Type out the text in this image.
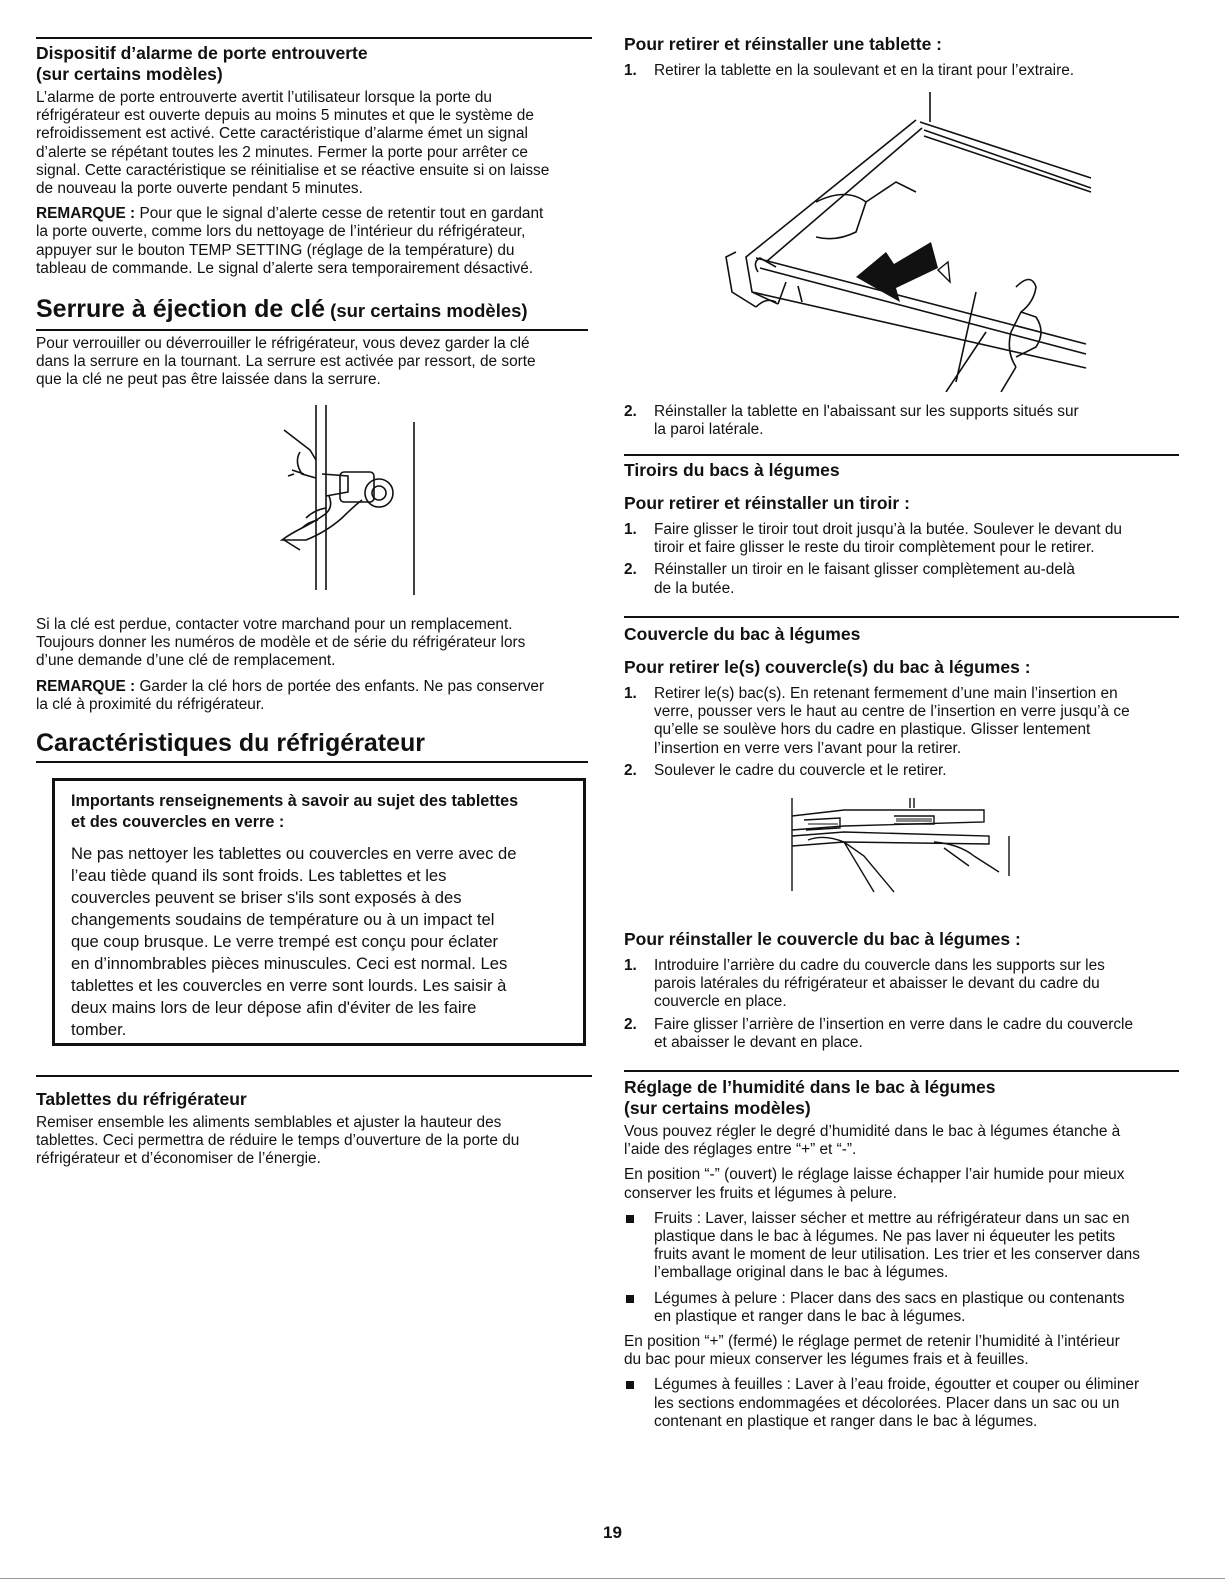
Dispositif d’alarme de porte entrouverte
(sur certains modèles)

L’alarme de porte entrouverte avertit l’utilisateur lorsque la porte du

réfrigérateur est ouverte depuis au moins 5 minutes et que le système de

refroidissement est activé. Cette caractéristique d’alarme émet un signal

d’alerte se répétant toutes les 2 minutes. Fermer la porte pour arrêter ce

signal. Cette caractéristique se réinitialise et se réactive ensuite si on laisse

de nouveau la porte ouverte pendant 5 minutes.

REMARQUE : Pour que le signal d’alerte cesse de retentir tout en gardant

la porte ouverte, comme lors du nettoyage de l’intérieur du réfrigérateur,

appuyer sur le bouton TEMP SETTING (réglage de la température) du

tableau de commande. Le signal d’alerte sera temporairement désactivé.

Serrure à éjection de clé (sur certains modèles)

Pour verrouiller ou déverrouiller le réfrigérateur, vous devez garder la clé

dans la serrure en la tournant. La serrure est activée par ressort, de sorte

que la clé ne peut pas être laissée dans la serrure.

Si la clé est perdue, contacter votre marchand pour un remplacement.

Toujours donner les numéros de modèle et de série du réfrigérateur lors

d’une demande d’une clé de remplacement.

REMARQUE : Garder la clé hors de portée des enfants. Ne pas conserver

la clé à proximité du réfrigérateur.

Caractéristiques du réfrigérateur

Importants renseignements à savoir au sujet des tablettes

et des couvercles en verre :

Ne pas nettoyer les tablettes ou couvercles en verre avec de

l’eau tiède quand ils sont froids. Les tablettes et les

couvercles peuvent se briser s'ils sont exposés à des

changements soudains de température ou à un impact tel

que coup brusque. Le verre trempé est conçu pour éclater

en d’innombrables pièces minuscules. Ceci est normal. Les

tablettes et les couvercles en verre sont lourds. Les saisir à

deux mains lors de leur dépose afin d'éviter de les faire

tomber.

Tablettes du réfrigérateur

Remiser ensemble les aliments semblables et ajuster la hauteur des

tablettes. Ceci permettra de réduire le temps d’ouverture de la porte du

réfrigérateur et d’économiser de l’énergie.

Pour retirer et réinstaller une tablette :
1. Retirer la tablette en la soulevant et en la tirant pour l’extraire.
2. Réinstaller la tablette en l'abaissant sur les supports situés sur
la paroi latérale.
Tiroirs du bacs à légumes
Pour retirer et réinstaller un tiroir :
1. Faire glisser le tiroir tout droit jusqu’à la butée. Soulever le devant du
tiroir et faire glisser le reste du tiroir complètement pour le retirer.
2. Réinstaller un tiroir en le faisant glisser complètement au-delà
de la butée.
Couvercle du bac à légumes
Pour retirer le(s) couvercle(s) du bac à légumes :
1. Retirer le(s) bac(s). En retenant fermement d’une main l’insertion en
verre, pousser vers le haut au centre de l’insertion en verre jusqu’à ce
qu’elle se soulève hors du cadre en plastique. Glisser lentement
l’insertion en verre vers l’avant pour la retirer.
2. Soulever le cadre du couvercle et le retirer.
Pour réinstaller le couvercle du bac à légumes :
1. Introduire l’arrière du cadre du couvercle dans les supports sur les
parois latérales du réfrigérateur et abaisser le devant du cadre du
couvercle en place.
2. Faire glisser l’arrière de l’insertion en verre dans le cadre du couvercle
et abaisser le devant en place.
Réglage de l’humidité dans le bac à légumes
(sur certains modèles)

Vous pouvez régler le degré d’humidité dans le bac à légumes étanche à

l’aide des réglages entre “+” et “-”.

En position “-” (ouvert) le réglage laisse échapper l’air humide pour mieux

conserver les fruits et légumes à pelure.

Fruits : Laver, laisser sécher et mettre au réfrigérateur dans un sac en
plastique dans le bac à légumes. Ne pas laver ni équeuter les petits
fruits avant le moment de leur utilisation. Les trier et les conserver dans
l’emballage original dans le bac à légumes.
Légumes à pelure : Placer dans des sacs en plastique ou contenants
en plastique et ranger dans le bac à légumes.

En position “+” (fermé) le réglage permet de retenir l’humidité à l’intérieur

du bac pour mieux conserver les légumes frais et à feuilles.

Légumes à feuilles : Laver à l’eau froide, égoutter et couper ou éliminer
les sections endommagées et décolorées. Placer dans un sac ou un
contenant en plastique et ranger dans le bac à légumes.
19
